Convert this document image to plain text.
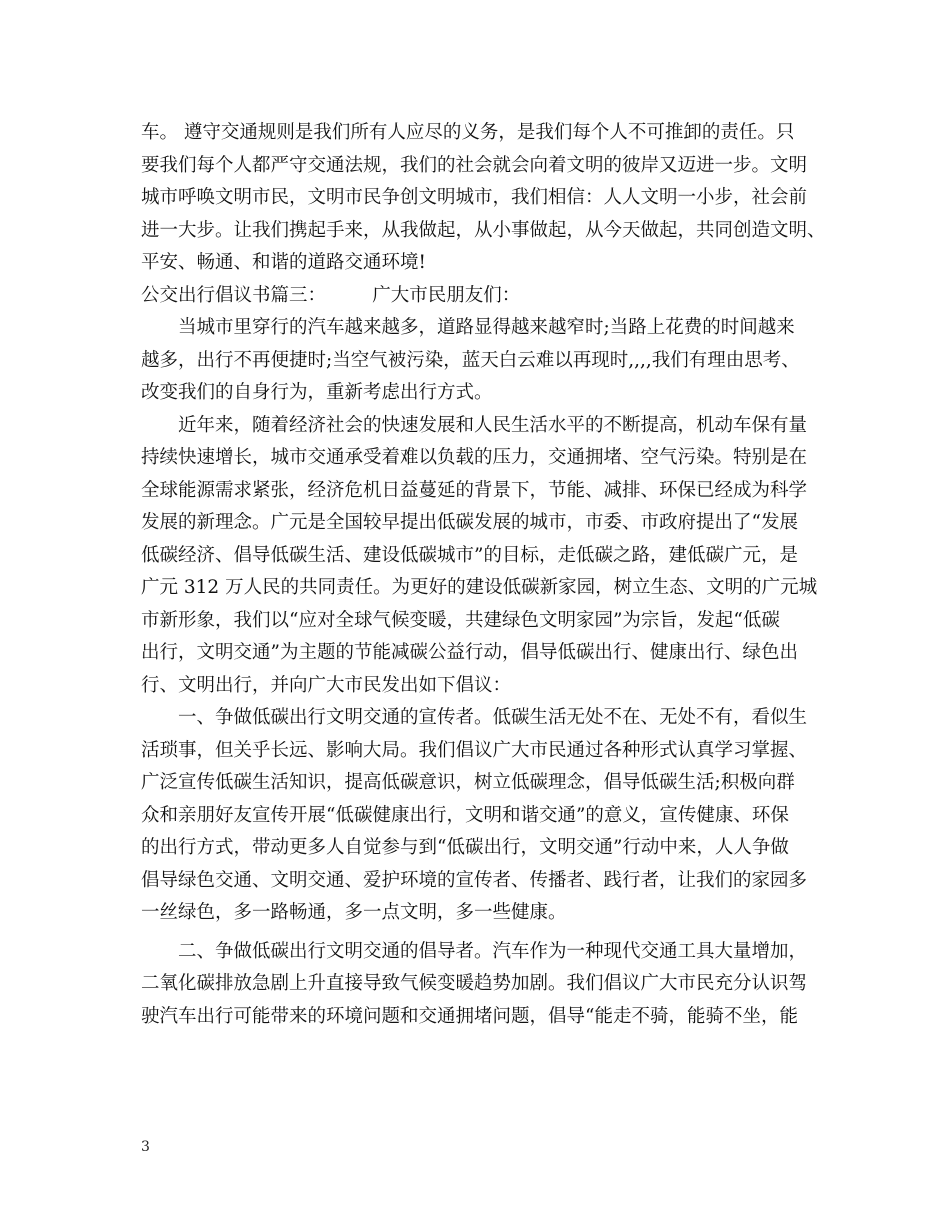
车。 遵守交通规则是我们所有人应尽的义务，是我们每个人不可推卸的责任。只
要我们每个人都严守交通法规，我们的社会就会向着文明的彼岸又迈进一步。文明
城市呼唤文明市民，文明市民争创文明城市，我们相信：人人文明一小步，社会前
进一大步。让我们携起手来，从我做起，从小事做起，从今天做起，共同创造文明、
平安、畅通、和谐的道路交通环境!
公交出行倡议书篇三：　　　广大市民朋友们：
　　当城市里穿行的汽车越来越多，道路显得越来越窄时;当路上花费的时间越来
越多，出行不再便捷时;当空气被污染，蓝天白云难以再现时,,,,我们有理由思考、
改变我们的自身行为，重新考虑出行方式。
　　近年来，随着经济社会的快速发展和人民生活水平的不断提高，机动车保有量
持续快速增长，城市交通承受着难以负载的压力，交通拥堵、空气污染。特别是在
全球能源需求紧张，经济危机日益蔓延的背景下，节能、减排、环保已经成为科学
发展的新理念。广元是全国较早提出低碳发展的城市，市委、市政府提出了“发展
低碳经济、倡导低碳生活、建设低碳城市”的目标，走低碳之路，建低碳广元，是
广元 312 万人民的共同责任。为更好的建设低碳新家园，树立生态、文明的广元城
市新形象，我们以“应对全球气候变暖，共建绿色文明家园”为宗旨，发起“低碳
出行，文明交通”为主题的节能减碳公益行动，倡导低碳出行、健康出行、绿色出
行、文明出行，并向广大市民发出如下倡议：
　　一、争做低碳出行文明交通的宣传者。低碳生活无处不在、无处不有，看似生
活琐事，但关乎长远、影响大局。我们倡议广大市民通过各种形式认真学习掌握、
广泛宣传低碳生活知识，提高低碳意识，树立低碳理念，倡导低碳生活;积极向群
众和亲朋好友宣传开展“低碳健康出行，文明和谐交通”的意义，宣传健康、环保
的出行方式，带动更多人自觉参与到“低碳出行，文明交通”行动中来，人人争做
倡导绿色交通、文明交通、爱护环境的宣传者、传播者、践行者，让我们的家园多
一丝绿色，多一路畅通，多一点文明，多一些健康。
　　二、争做低碳出行文明交通的倡导者。汽车作为一种现代交通工具大量增加，
二氧化碳排放急剧上升直接导致气候变暖趋势加剧。我们倡议广大市民充分认识驾
驶汽车出行可能带来的环境问题和交通拥堵问题，倡导“能走不骑，能骑不坐，能
3
